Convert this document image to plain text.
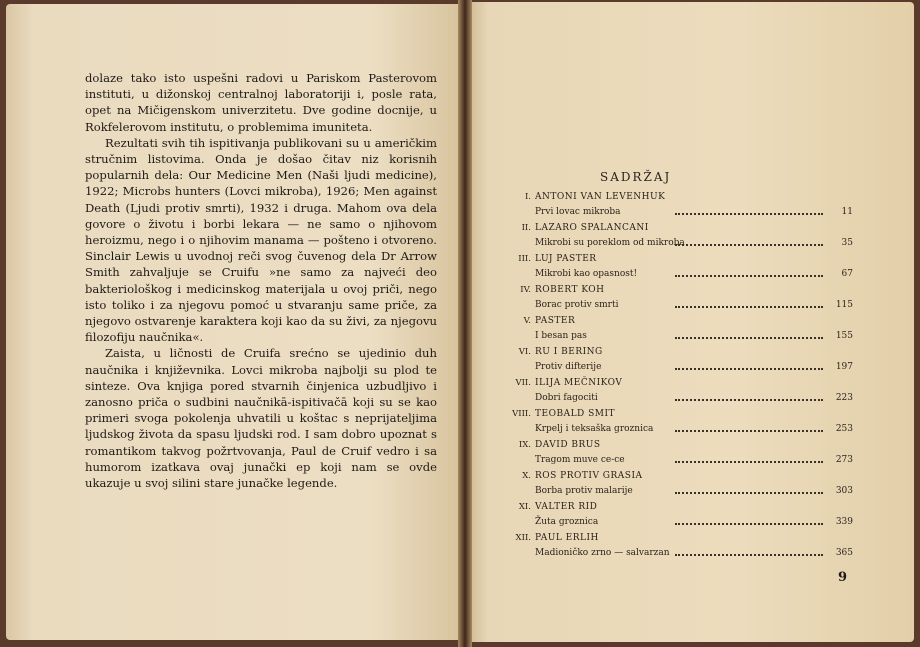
dolaze tako isto uspešni radovi u Pariskom Pasterovom instituti, u dižonskoj centralnoj laboratoriji i, posle rata, opet na Mičigenskom univerzitetu. Dve godine docnije, u Rokfelerovom institutu, o problemima imuniteta.

Rezultati svih tih ispitivanja publikovani su u američkim stručnim listovima. Onda je došao čitav niz korisnih popularnih dela: Our Medicine Men (Naši ljudi medicine), 1922; Microbs hunters (Lovci mikroba), 1926; Men against Death (Ljudi protiv smrti), 1932 i druga. Mahom ova dela govore o životu i borbi lekara — ne samo o njihovom heroizmu, nego i o njihovim manama — pošteno i otvoreno. Sinclair Lewis u uvodnoj reči svog čuvenog dela Dr Arrow Smith zahvaljuje se Cruifu »ne samo za najveći deo bakteriološkog i medicinskog materijala u ovoj priči, nego isto toliko i za njegovu pomoć u stvaranju same priče, za njegovo ostvarenje karaktera koji kao da su živi, za njegovu filozofiju naučnika«.

Zaista, u ličnosti de Cruifa srećno se ujedinio duh naučnika i književnika. Lovci mikroba najbolji su plod te sinteze. Ova knjiga pored stvarnih činjenica uzbudljivo i zanosno priča o sudbini naučnikā-ispitivačā koji su se kao primeri svoga pokolenja uhvatili u koštac s neprijateljima ljudskog života da spasu ljudski rod. I sam dobro upoznat s romantikom takvog požrtvovanja, Paul de Cruif vedro i sa humorom izatkava ovaj junački ep koji nam se ovde ukazuje u svoj silini stare junačke legende.

SADRŽAJ
I. ANTONI VAN LEVENHUK
Prvi lovac mikroba	11
II. LAZARO SPALANCANI
Mikrobi su poreklom od mikroba	35
III. LUJ PASTER
Mikrobi kao opasnost!	67
IV. ROBERT KOH
Borac protiv smrti	115
V. PASTER
I besan pas	155
VI. RU I BERING
Protiv difterije	197
VII. ILIJA MEČNIKOV
Dobri fagociti	223
VIII. TEOBALD SMIT
Krpelj i teksaška groznica	253
IX. DAVID BRUS
Tragom muve ce-ce	273
X. ROS PROTIV GRASIA
Borba protiv malarije	303
XI. VALTER RID
Žuta groznica	339
XII. PAUL ERLIH
Madioničko zrno — salvarzan	365
9
